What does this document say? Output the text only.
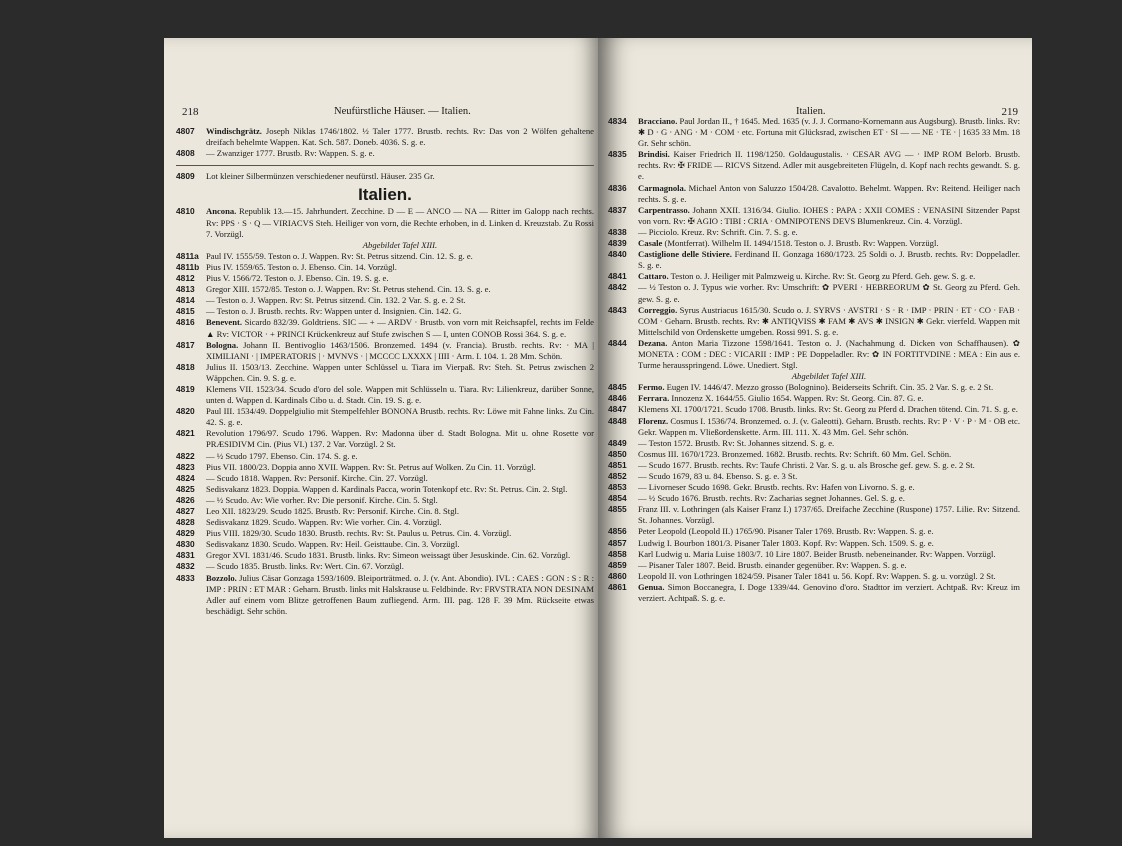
218	Neufürstliche Häuser. — Italien.

4807 Windischgrätz. Joseph Niklas 1746/1802. ½ Taler 1777. Brustb. rechts. Rv: Das von 2 Wölfen gehaltene dreifach behelmte Wappen. Kat. Sch. 587. Doneb. 4036. S. g. e.

4808 — Zwanziger 1777. Brustb. Rv: Wappen. S. g. e.

4809 Lot kleiner Silbermünzen verschiedener neufürstl. Häuser. 235 Gr.

Italien.

4810 Ancona. Republik 13.—15. Jahrhundert. Zecchine. D — E — ANCO — NA — Ritter im Galopp nach rechts. Rv: PPS · S · Q — VIRIACVS Steh. Heiliger von vorn, die Rechte erhoben, in d. Linken d. Kreuzstab. Zu Rossi 7. Vorzügl.
Abgebildet Tafel XIII.

4811a Paul IV. 1555/59. Teston o. J. Wappen. Rv: St. Petrus sitzend. Cin. 12. S. g. e.

4811b Pius IV. 1559/65. Teston o. J. Ebenso. Cin. 14. Vorzügl.

4812 Pius V. 1566/72. Teston o. J. Ebenso. Cin. 19. S. g. e.

4813 Gregor XIII. 1572/85. Teston o. J. Wappen. Rv: St. Petrus stehend. Cin. 13. S. g. e.

4814 — Teston o. J. Wappen. Rv: St. Petrus sitzend. Cin. 132. 2 Var. S. g. e. 2 St.

4815 — Teston o. J. Brustb. rechts. Rv: Wappen unter d. Insignien. Cin. 142. G.

4816 Benevent. Sicardo 832/39. Goldtriens. SIC — + — ARDV · Brustb. von vorn mit Reichsapfel, rechts im Felde ▲ Rv: VICTOR · + PRINCI Krückenkreuz auf Stufe zwischen S — I, unten CONOB Rossi 364. S. g. e.

4817 Bologna. Johann II. Bentivoglio 1463/1506. Bronzemed. 1494 (v. Francia). Brustb. rechts. Rv: · MA | XIMILIANI · | IMPERATORIS | · MVNVS · | MCCCC LXXXX | IIII · Arm. I. 104. 1. 28 Mm. Schön.

4818 Julius II. 1503/13. Zecchine. Wappen unter Schlüssel u. Tiara im Vierpaß. Rv: Steh. St. Petrus zwischen 2 Wäppchen. Cin. 9. S. g. e.

4819 Klemens VII. 1523/34. Scudo d'oro del sole. Wappen mit Schlüsseln u. Tiara. Rv: Lilienkreuz, darüber Sonne, unten d. Wappen d. Kardinals Cibo u. d. Stadt. Cin. 19. S. g. e.

4820 Paul III. 1534/49. Doppelgiulio mit Stempelfehler BONONA Brustb. rechts. Rv: Löwe mit Fahne links. Zu Cin. 42. S. g. e.

4821 Revolution 1796/97. Scudo 1796. Wappen. Rv: Madonna über d. Stadt Bologna. Mit u. ohne Rosette vor PRÆSIDIVM Cin. (Pius VI.) 137. 2 Var. Vorzügl. 2 St.

4822 — ½ Scudo 1797. Ebenso. Cin. 174. S. g. e.

4823 Pius VII. 1800/23. Doppia anno XVII. Wappen. Rv: St. Petrus auf Wolken. Zu Cin. 11. Vorzügl.

4824 — Scudo 1818. Wappen. Rv: Personif. Kirche. Cin. 27. Vorzügl.

4825 Sedisvakanz 1823. Doppia. Wappen d. Kardinals Pacca, worin Totenkopf etc. Rv: St. Petrus. Cin. 2. Stgl.

4826 — ½ Scudo. Av: Wie vorher. Rv: Die personif. Kirche. Cin. 5. Stgl.

4827 Leo XII. 1823/29. Scudo 1825. Brustb. Rv: Personif. Kirche. Cin. 8. Stgl.

4828 Sedisvakanz 1829. Scudo. Wappen. Rv: Wie vorher. Cin. 4. Vorzügl.

4829 Pius VIII. 1829/30. Scudo 1830. Brustb. rechts. Rv: St. Paulus u. Petrus. Cin. 4. Vorzügl.

4830 Sedisvakanz 1830. Scudo. Wappen. Rv: Heil. Geisttaube. Cin. 3. Vorzügl.

4831 Gregor XVI. 1831/46. Scudo 1831. Brustb. links. Rv: Simeon weissagt über Jesuskinde. Cin. 62. Vorzügl.

4832 — Scudo 1835. Brustb. links. Rv: Wert. Cin. 67. Vorzügl.

4833 Bozzolo. Julius Cäsar Gonzaga 1593/1609. Bleiporträtmed. o. J. (v. Ant. Abondio). IVL : CAES : GON : S : R : IMP : PRIN : ET MAR : Geharn. Brustb. links mit Halskrause u. Feldbinde. Rv: FRVSTRATA NON DESINAM Adler auf einem vom Blitze getroffenen Baum zufliegend. Arm. III. pag. 128 F. 39 Mm. Rückseite etwas beschädigt. Sehr schön.

Italien.	219

4834 Bracciano. Paul Jordan II., † 1645. Med. 1635 (v. J. J. Cormano-Kornemann aus Augsburg). Brustb. links. Rv: ✱ D · G · ANG · M · COM · etc. Fortuna mit Glücksrad, zwischen ET · SI — — NE · TE · | 1635 33 Mm. 18 Gr. Sehr schön.

4835 Brindisi. Kaiser Friedrich II. 1198/1250. Goldaugustalis. · CESAR AVG — · IMP ROM Belorb. Brustb. rechts. Rv: ✠ FRIDE — RICVS Sitzend. Adler mit ausgebreiteten Flügeln, d. Kopf nach rechts gewandt. S. g. e.

4836 Carmagnola. Michael Anton von Saluzzo 1504/28. Cavalotto. Behelmt. Wappen. Rv: Reitend. Heiliger nach rechts. S. g. e.

4837 Carpentrasso. Johann XXII. 1316/34. Giulio. IOHES : PAPA : XXII COMES : VENASINI Sitzender Papst von vorn. Rv: ✠ AGIO : TIBI : CRIA · OMNIPOTENS DEVS Blumenkreuz. Cin. 4. Vorzügl.

4838 — Picciolo. Kreuz. Rv: Schrift. Cin. 7. S. g. e.

4839 Casale (Montferrat). Wilhelm II. 1494/1518. Teston o. J. Brustb. Rv: Wappen. Vorzügl.

4840 Castiglione delle Stiviere. Ferdinand II. Gonzaga 1680/1723. 25 Soldi o. J. Brustb. rechts. Rv: Doppeladler. S. g. e.

4841 Cattaro. Teston o. J. Heiliger mit Palmzweig u. Kirche. Rv: St. Georg zu Pferd. Geh. gew. S. g. e.

4842 — ½ Teston o. J. Typus wie vorher. Rv: Umschrift: ✿ PVERI · HEBREORUM ✿ St. Georg zu Pferd. Geh. gew. S. g. e.

4843 Correggio. Syrus Austriacus 1615/30. Scudo o. J. SYRVS · AVSTRI · S · R · IMP · PRIN · ET · CO · FAB · COM · Geharn. Brustb. rechts. Rv: ✱ ANTIQVISS ✱ FAM ✱ AVS ✱ INSIGN ✱ Gekr. vierfeld. Wappen mit Mittelschild von Ordenskette umgeben. Rossi 991. S. g. e.

4844 Dezana. Anton Maria Tizzone 1598/1641. Teston o. J. (Nachahmung d. Dicken von Schaffhausen). ✿ MONETA : COM : DEC : VICARII : IMP : PE Doppeladler. Rv: ✿ IN FORTITVDINE : MEA : Ein aus e. Turme herausspringend. Löwe. Unediert. Stgl.
Abgebildet Tafel XIII.

4845 Fermo. Eugen IV. 1446/47. Mezzo grosso (Bolognino). Beiderseits Schrift. Cin. 35. 2 Var. S. g. e. 2 St.

4846 Ferrara. Innozenz X. 1644/55. Giulio 1654. Wappen. Rv: St. Georg. Cin. 87. G. e.

4847 Klemens XI. 1700/1721. Scudo 1708. Brustb. links. Rv: St. Georg zu Pferd d. Drachen tötend. Cin. 71. S. g. e.

4848 Florenz. Cosmus I. 1536/74. Bronzemed. o. J. (v. Galeotti). Geharn. Brustb. rechts. Rv: P · V · P · M · OB etc. Gekr. Wappen m. Vließordenskette. Arm. III. 111. X. 43 Mm. Gel. Sehr schön.

4849 — Teston 1572. Brustb. Rv: St. Johannes sitzend. S. g. e.

4850 Cosmus III. 1670/1723. Bronzemed. 1682. Brustb. rechts. Rv: Schrift. 60 Mm. Gel. Schön.

4851 — Scudo 1677. Brustb. rechts. Rv: Taufe Christi. 2 Var. S. g. u. als Brosche gef. gew. S. g. e. 2 St.

4852 — Scudo 1679, 83 u. 84. Ebenso. S. g. e. 3 St.

4853 — Livorneser Scudo 1698. Gekr. Brustb. rechts. Rv: Hafen von Livorno. S. g. e.

4854 — ½ Scudo 1676. Brustb. rechts. Rv: Zacharias segnet Johannes. Gel. S. g. e.

4855 Franz III. v. Lothringen (als Kaiser Franz I.) 1737/65. Dreifache Zecchine (Ruspone) 1757. Lilie. Rv: Sitzend. St. Johannes. Vorzügl.

4856 Peter Leopold (Leopold II.) 1765/90. Pisaner Taler 1769. Brustb. Rv: Wappen. S. g. e.

4857 Ludwig I. Bourbon 1801/3. Pisaner Taler 1803. Kopf. Rv: Wappen. Sch. 1509. S. g. e.

4858 Karl Ludwig u. Maria Luise 1803/7. 10 Lire 1807. Beider Brustb. nebeneinander. Rv: Wappen. Vorzügl.

4859 — Pisaner Taler 1807. Beid. Brustb. einander gegenüber. Rv: Wappen. S. g. e.

4860 Leopold II. von Lothringen 1824/59. Pisaner Taler 1841 u. 56. Kopf. Rv: Wappen. S. g. u. vorzügl. 2 St.

4861 Genua. Simon Boccanegra, I. Doge 1339/44. Genovino d'oro. Stadttor im verziert. Achtpaß. Rv: Kreuz im verziert. Achtpaß. S. g. e.
